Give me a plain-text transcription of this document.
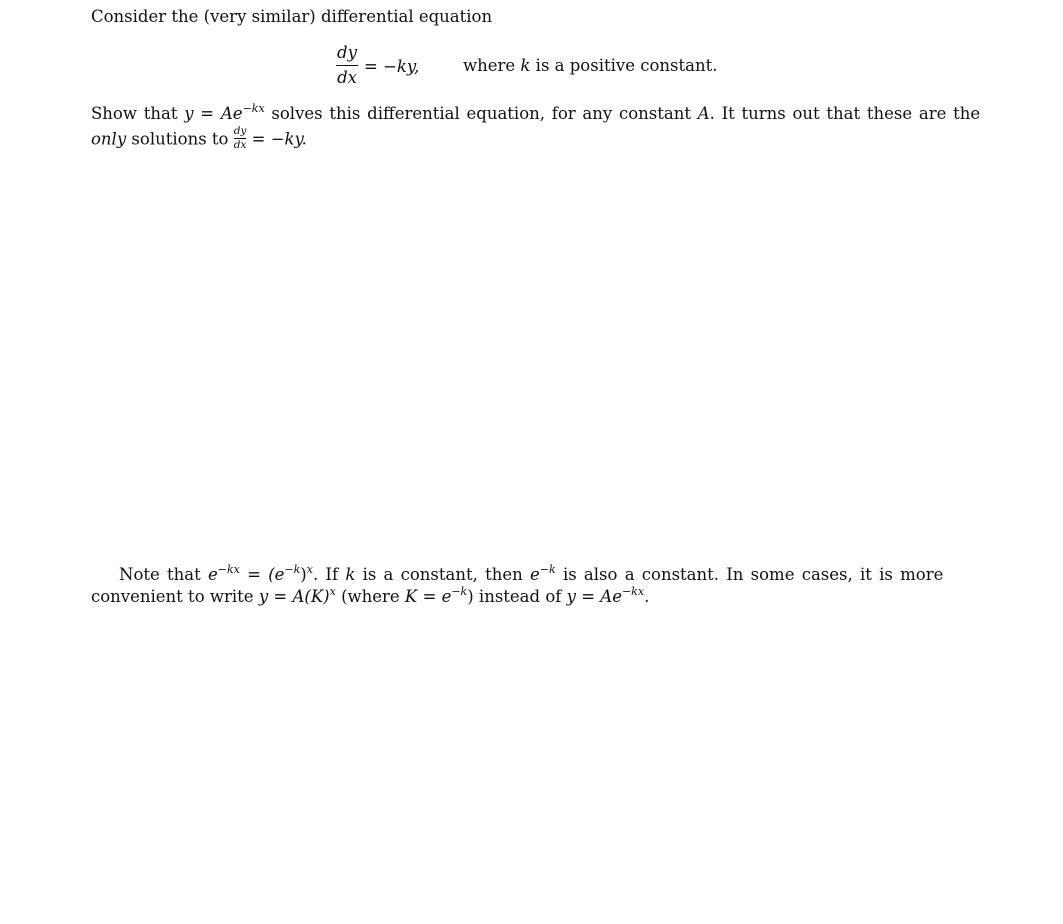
Consider the (very similar) differential equation
dy
dx
= −ky,	where k is a positive constant.
Show that $y = Ae^{-kx}$ solves this differential equation, for any constant A. It turns out that these are the
only solutions to $\frac{dy}{dx} = -ky$.
Note that $e^{-kx} = (e^{-k})^x$. If k is a constant, then $e^{-k}$ is also a constant. In some cases, it is more
convenient to write $y = A(K)^x$ (where $K = e^{-k}$) instead of $y = Ae^{-kx}$.
